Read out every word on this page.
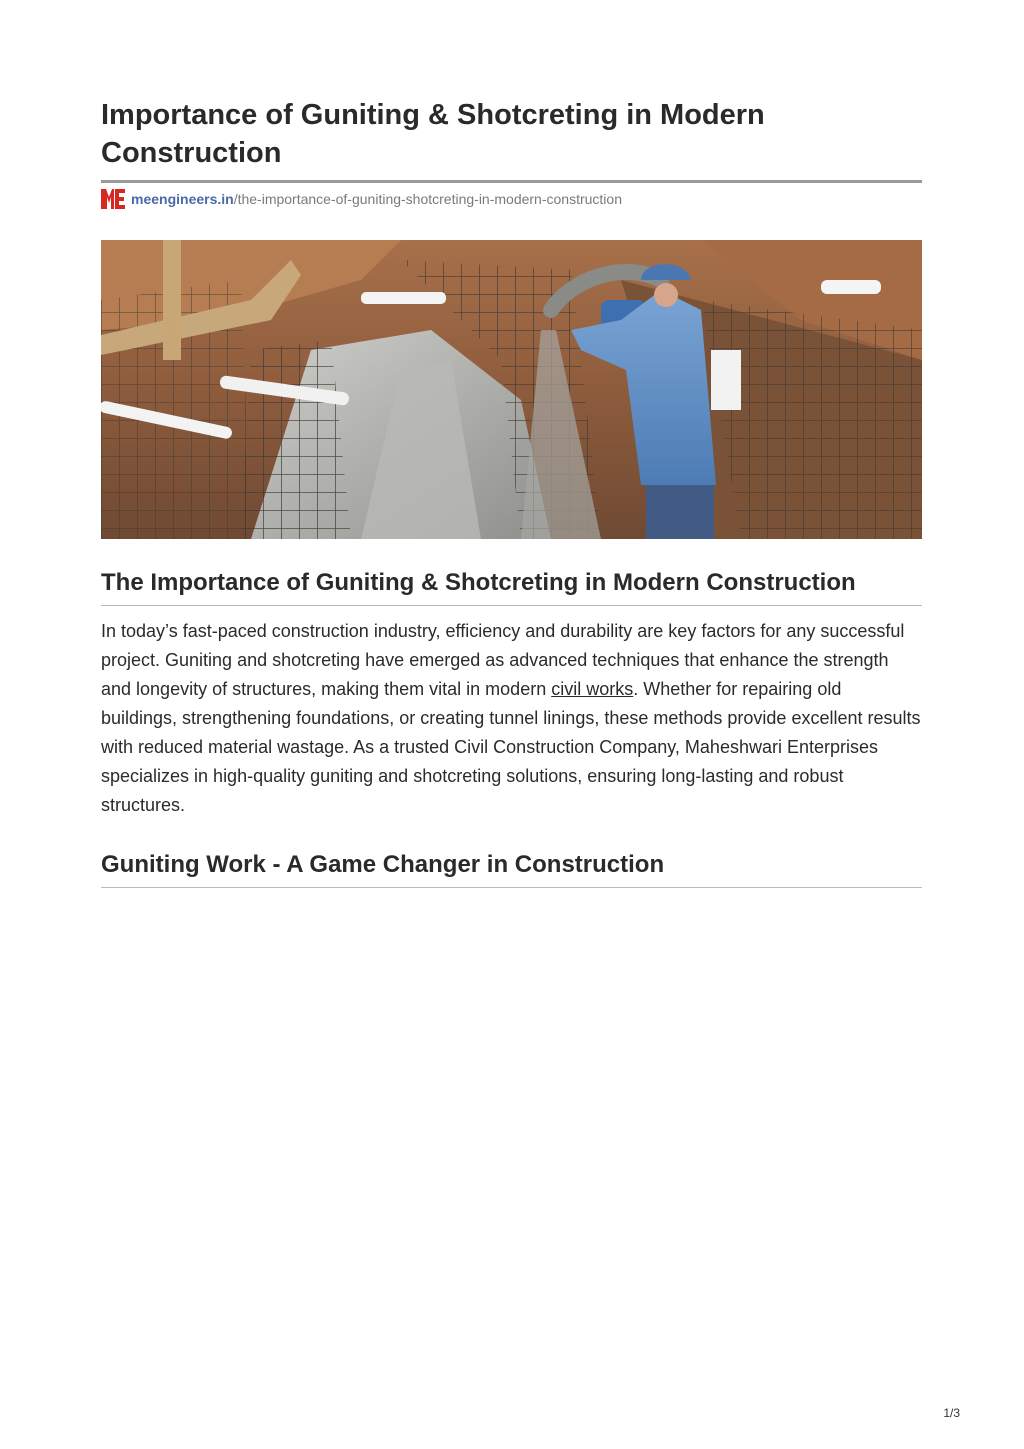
Importance of Guniting & Shotcreting in Modern Construction
meengineers.in /the-importance-of-guniting-shotcreting-in-modern-construction
The Importance of Guniting & Shotcreting in Modern Construction

In today’s fast-paced construction industry, efficiency and durability are key factors for any successful project. Guniting and shotcreting have emerged as advanced techniques that enhance the strength and longevity of structures, making them vital in modern civil works. Whether for repairing old buildings, strengthening foundations, or creating tunnel linings, these methods provide excellent results with reduced material wastage. As a trusted Civil Construction Company, Maheshwari Enterprises specializes in high-quality guniting and shotcreting solutions, ensuring long-lasting and robust structures.

Guniting Work - A Game Changer in Construction
1/3
